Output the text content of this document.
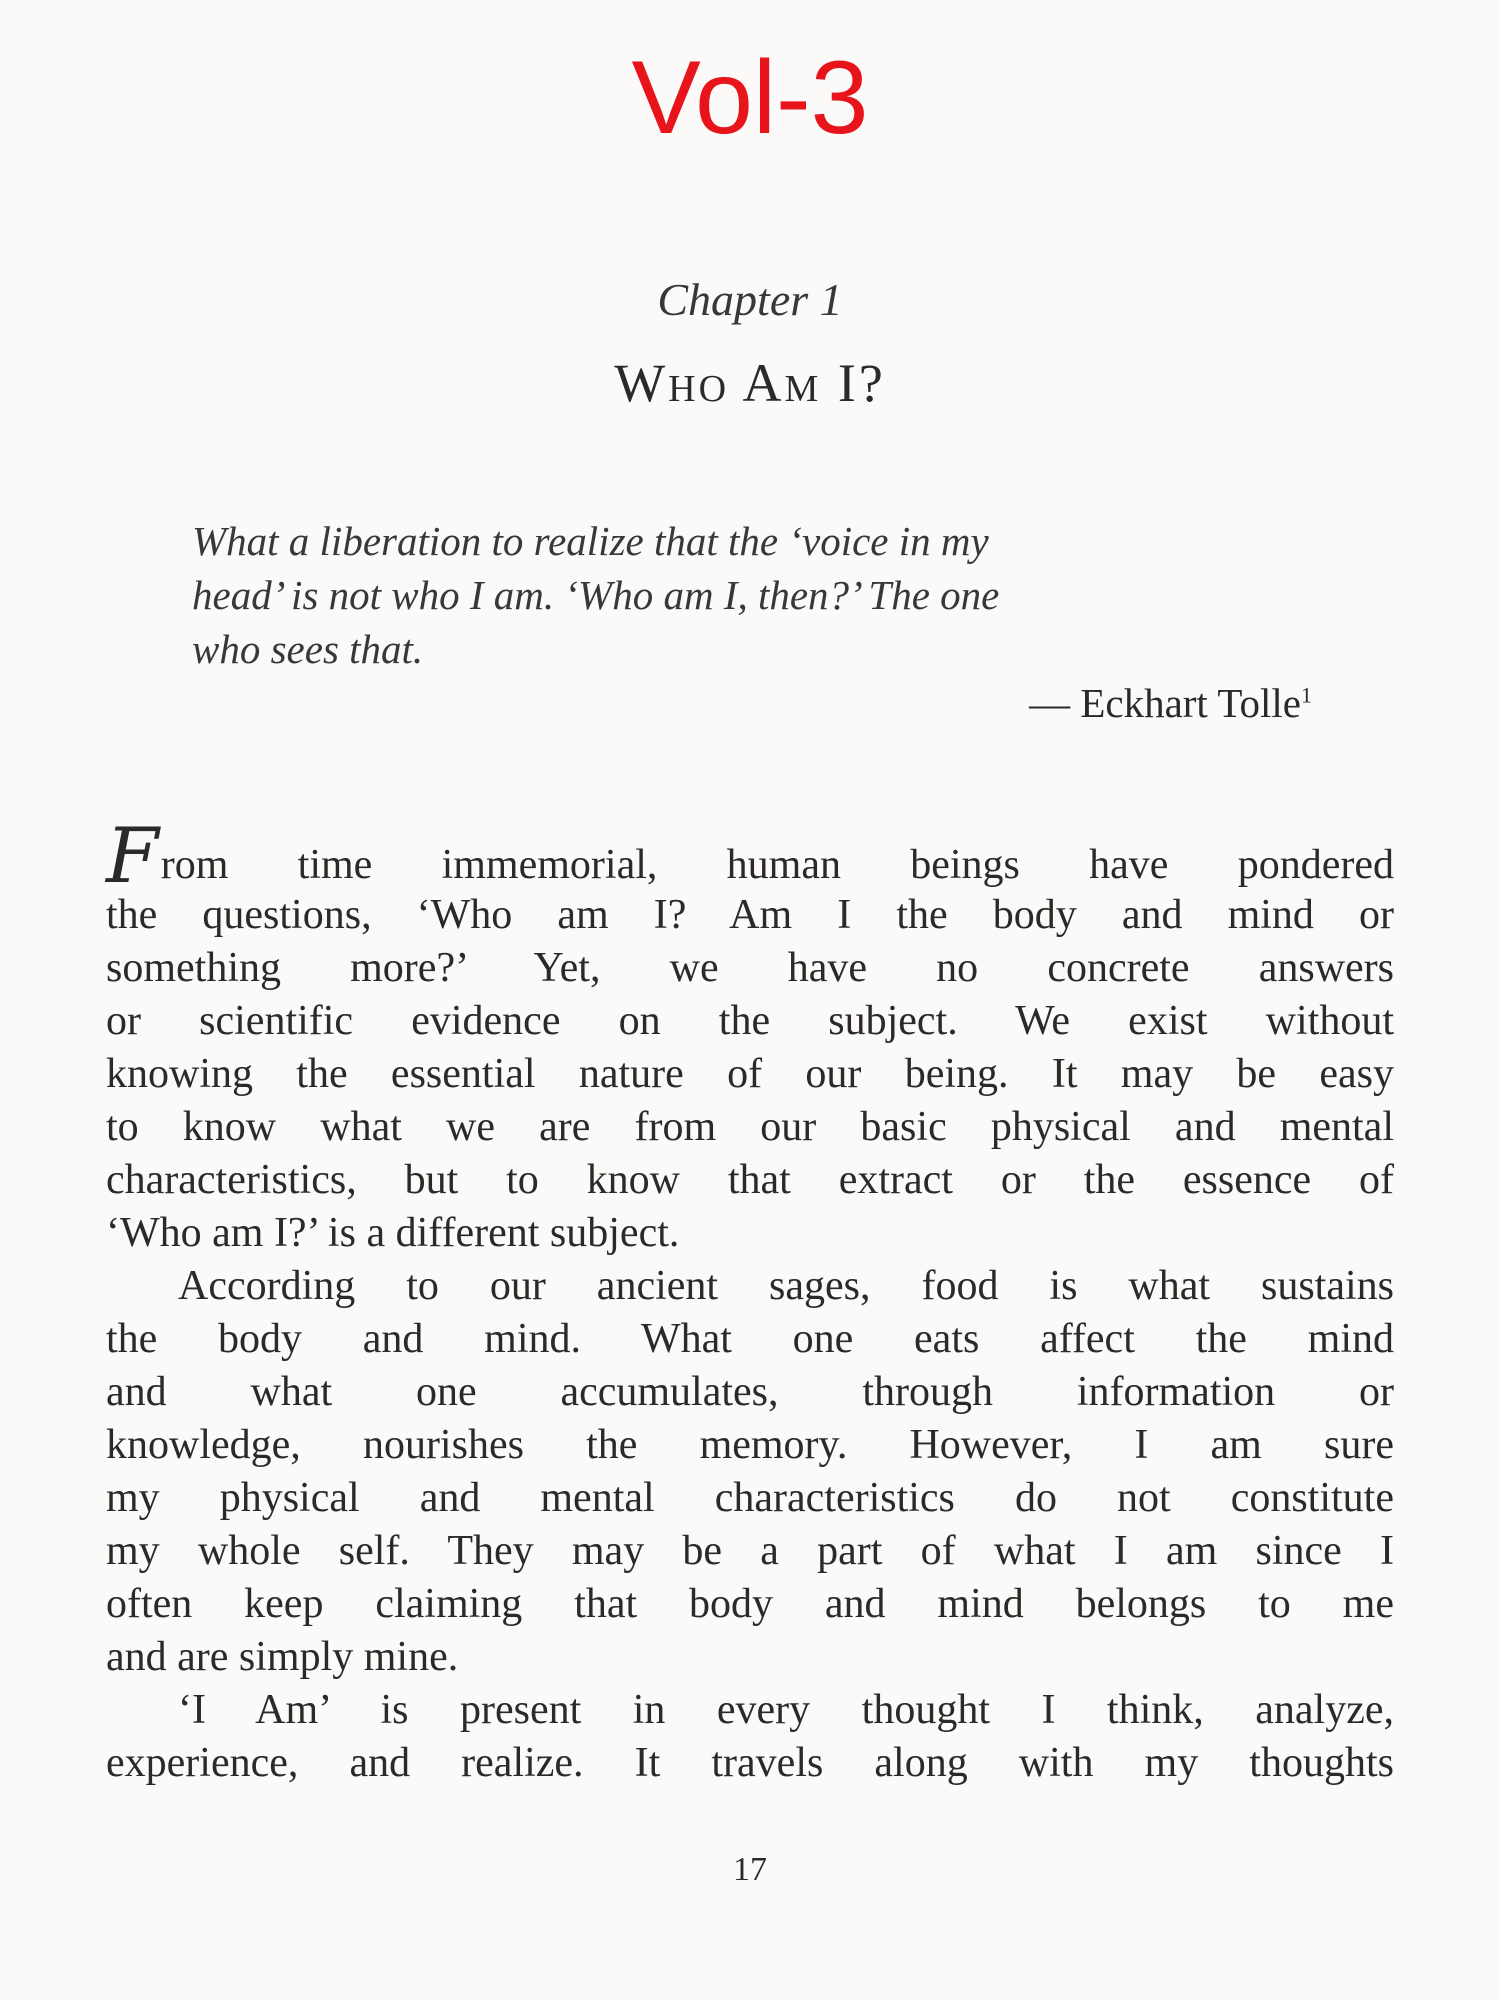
Vol-3
Chapter 1
Who Am I?
What a liberation to realize that the ‘voice in my
head’ is not who I am. ‘Who am I, then?’ The one
who sees that.
— Eckhart Tolle$^1$
From time immemorial, human beings have pondered
the questions, ‘Who am I? Am I the body and mind or
something more?’ Yet, we have no concrete answers
or scientific evidence on the subject. We exist without
knowing the essential nature of our being. It may be easy
to know what we are from our basic physical and mental
characteristics, but to know that extract or the essence of
‘Who am I?’ is a different subject.
According to our ancient sages, food is what sustains
the body and mind. What one eats affect the mind
and what one accumulates, through information or
knowledge, nourishes the memory. However, I am sure
my physical and mental characteristics do not constitute
my whole self. They may be a part of what I am since I
often keep claiming that body and mind belongs to me
and are simply mine.
‘I Am’ is present in every thought I think, analyze,
experience, and realize. It travels along with my thoughts
17
